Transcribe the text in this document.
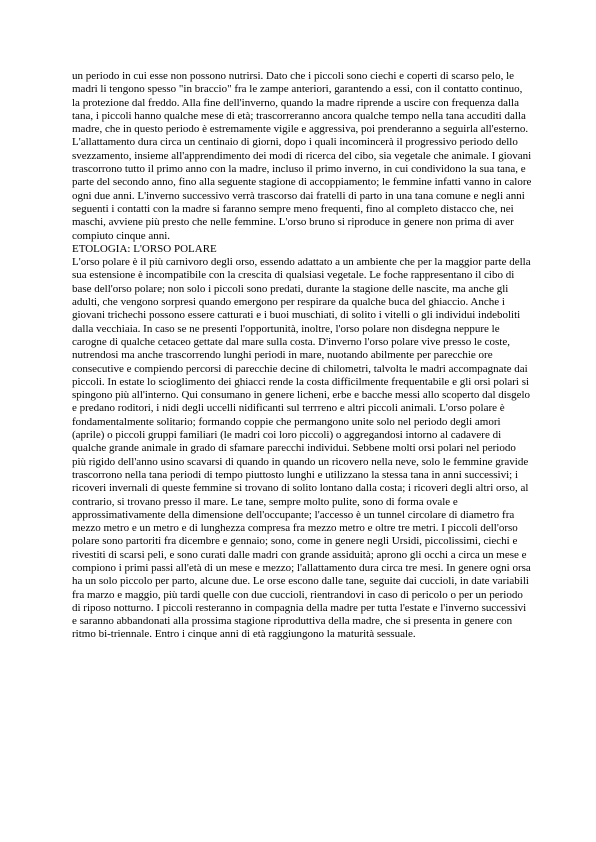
un periodo in cui esse non possono nutrirsi. Dato che i piccoli sono ciechi e coperti di scarso pelo, le madri li tengono spesso "in braccio" fra le zampe anteriori, garantendo a essi, con il contatto continuo, la protezione dal freddo. Alla fine dell'inverno, quando la madre riprende a uscire con frequenza dalla tana, i piccoli hanno qualche mese di età; trascorreranno ancora qualche tempo nella tana accuditi dalla madre, che in questo periodo è estremamente vigile e aggressiva, poi prenderanno a seguirla all'esterno. L'allattamento dura circa un centinaio di giorni, dopo i quali incomincerà il progressivo periodo dello svezzamento, insieme all'apprendimento dei modi di ricerca del cibo, sia vegetale che animale. I giovani trascorrono tutto il primo anno con la madre, incluso il primo inverno, in cui condividono la sua tana, e parte del secondo anno, fino alla seguente stagione di accoppiamento; le femmine infatti vanno in calore ogni due anni. L'inverno successivo verrà trascorso dai fratelli di parto in una tana comune e negli anni seguenti i contatti con la madre si faranno sempre meno frequenti, fino al completo distacco che, nei maschi, avviene più presto che nelle femmine. L'orso bruno si riproduce in genere non prima di aver compiuto cinque anni.

ETOLOGIA: L'ORSO POLARE

L'orso polare è il più carnivoro degli orso, essendo adattato a un ambiente che per la maggior parte della sua estensione è incompatibile con la crescita di qualsiasi vegetale. Le foche rappresentano il cibo di base dell'orso polare; non solo i piccoli sono predati, durante la stagione delle nascite, ma anche gli adulti, che vengono sorpresi quando emergono per respirare da qualche buca del ghiaccio. Anche i giovani trichechi possono essere catturati e i buoi muschiati, di solito i vitelli o gli individui indeboliti dalla vecchiaia. In caso se ne presenti l'opportunità, inoltre, l'orso polare non disdegna neppure le carogne di qualche cetaceo gettate dal mare sulla costa. D'inverno l'orso polare vive presso le coste, nutrendosi ma anche trascorrendo lunghi periodi in mare, nuotando abilmente per parecchie ore consecutive e compiendo percorsi di parecchie decine di chilometri, talvolta le madri accompagnate dai piccoli. In estate lo scioglimento dei ghiacci rende la costa difficilmente frequentabile e gli orsi polari si spingono più all'interno. Qui consumano in genere licheni, erbe e bacche messi allo scoperto dal disgelo e predano roditori, i nidi degli uccelli nidificanti sul terrreno e altri piccoli animali. L'orso polare è fondamentalmente solitario; formando coppie che permangono unite solo nel periodo degli amori (aprile) o piccoli gruppi familiari (le madri coi loro piccoli) o aggregandosi intorno al cadavere di qualche grande animale in grado di sfamare parecchi individui. Sebbene molti orsi polari nel periodo più rigido dell'anno usino scavarsi di quando in quando un ricovero nella neve, solo le femmine gravide trascorrono nella tana periodi di tempo piuttosto lunghi e utilizzano la stessa tana in anni successivi; i ricoveri invernali di queste femmine si trovano di solito lontano dalla costa; i ricoveri degli altri orso, al contrario, si trovano presso il mare. Le tane, sempre molto pulite, sono di forma ovale e approssimativamente della dimensione dell'occupante; l'accesso è un tunnel circolare di diametro fra mezzo metro e un metro e di lunghezza compresa fra mezzo metro e oltre tre metri. I piccoli dell'orso polare sono partoriti fra dicembre e gennaio; sono, come in genere negli Ursidi, piccolissimi, ciechi e rivestiti di scarsi peli, e sono curati dalle madri con grande assiduità; aprono gli occhi a circa un mese e compiono i primi passi all'età di un mese e mezzo; l'allattamento dura circa tre mesi. In genere ogni orsa ha un solo piccolo per parto, alcune due. Le orse escono dalle tane, seguite dai cuccioli, in date variabili fra marzo e maggio, più tardi quelle con due cuccioli, rientrandovi in caso di pericolo o per un periodo di riposo notturno. I piccoli resteranno in compagnia della madre per tutta l'estate e l'inverno successivi e saranno abbandonati alla prossima stagione riproduttiva della madre, che si presenta in genere con ritmo bi-triennale. Entro i cinque anni di età raggiungono la maturità sessuale.
